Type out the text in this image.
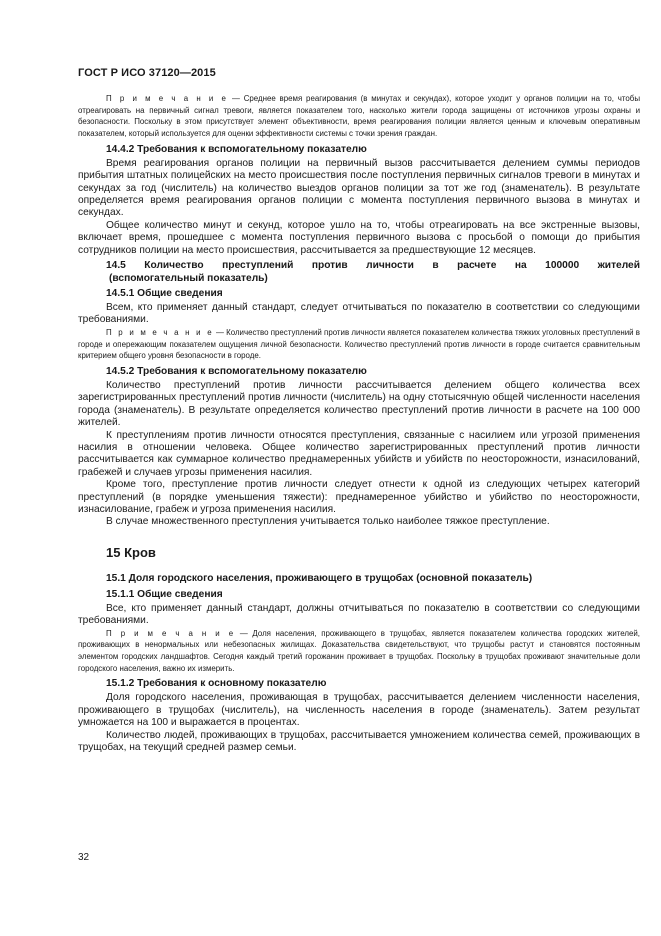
ГОСТ Р ИСО 37120—2015

П р и м е ч а н и е — Среднее время реагирования (в минутах и секундах), которое уходит у органов полиции на то, чтобы отреагировать на первичный сигнал тревоги, является показателем того, насколько жители города защищены от источников угрозы охраны и безопасности. Поскольку в этом присутствует элемент объективности, время реагирования полиции является ценным и ключевым оперативным показателем, который используется для оценки эффективности системы с точки зрения граждан.

14.4.2 Требования к вспомогательному показателю

Время реагирования органов полиции на первичный вызов рассчитывается делением суммы периодов прибытия штатных полицейских на место происшествия после поступления первичных сигналов тревоги в минутах и секундах за год (числитель) на количество выездов органов полиции за тот же год (знаменатель). В результате определяется время реагирования органов полиции с момента поступления первичного вызова в минутах и секундах.

Общее количество минут и секунд, которое ушло на то, чтобы отреагировать на все экстренные вызовы, включает время, прошедшее с момента поступления первичного вызова с просьбой о помощи до прибытия сотрудников полиции на место происшествия, рассчитывается за предшествующие 12 месяцев.

14.5 Количество преступлений против личности в расчете на 100000 жителей
(вспомогательный показатель)

14.5.1 Общие сведения

Всем, кто применяет данный стандарт, следует отчитываться по показателю в соответствии со следующими требованиями.

П р и м е ч а н и е — Количество преступлений против личности является показателем количества тяжких уголовных преступлений в городе и опережающим показателем ощущения личной безопасности. Количество преступлений против личности в городе считается сравнительным критерием общего уровня безопасности в городе.

14.5.2 Требования к вспомогательному показателю

Количество преступлений против личности рассчитывается делением общего количества всех зарегистрированных преступлений против личности (числитель) на одну стотысячную общей численности населения города (знаменатель). В результате определяется количество преступлений против личности в расчете на 100 000 жителей.

К преступлениям против личности относятся преступления, связанные с насилием или угрозой применения насилия в отношении человека. Общее количество зарегистрированных преступлений против личности рассчитывается как суммарное количество преднамеренных убийств и убийств по неосторожности, изнасилований, грабежей и случаев угрозы применения насилия.

Кроме того, преступление против личности следует отнести к одной из следующих четырех категорий преступлений (в порядке уменьшения тяжести): преднамеренное убийство и убийство по неосторожности, изнасилование, грабеж и угроза применения насилия.

В случае множественного преступления учитывается только наиболее тяжкое преступление.

15 Кров

15.1 Доля городского населения, проживающего в трущобах (основной показатель)

15.1.1 Общие сведения

Все, кто применяет данный стандарт, должны отчитываться по показателю в соответствии со следующими требованиями.

П р и м е ч а н и е — Доля населения, проживающего в трущобах, является показателем количества городских жителей, проживающих в ненормальных или небезопасных жилищах. Доказательства свидетельствуют, что трущобы растут и становятся постоянным элементом городских ландшафтов. Сегодня каждый третий горожанин проживает в трущобах. Поскольку в трущобах проживают значительные доли городского населения, важно их измерить.

15.1.2 Требования к основному показателю

Доля городского населения, проживающая в трущобах, рассчитывается делением численности населения, проживающего в трущобах (числитель), на численность населения в городе (знаменатель). Затем результат умножается на 100 и выражается в процентах.

Количество людей, проживающих в трущобах, рассчитывается умножением количества семей, проживающих в трущобах, на текущий средней размер семьи.

32
